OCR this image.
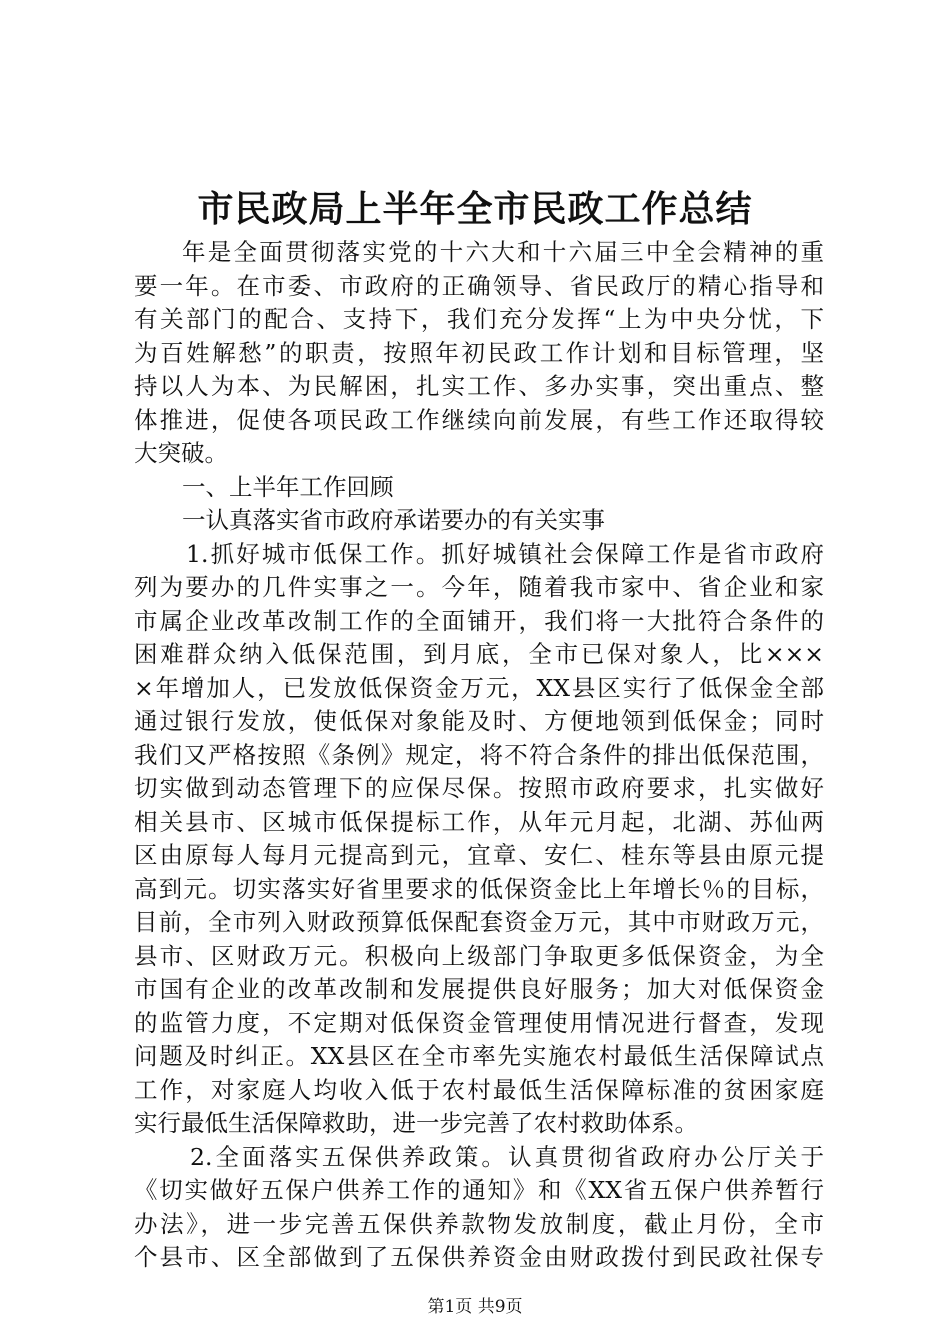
市民政局上半年全市民政工作总结
年是全面贯彻落实党的十六大和十六届三中全会精神的重
要一年。在市委、市政府的正确领导、省民政厅的精心指导和
有关部门的配合、支持下，我们充分发挥“上为中央分忧，下
为百姓解愁”的职责，按照年初民政工作计划和目标管理，坚
持以人为本、为民解困，扎实工作、多办实事，突出重点、整
体推进，促使各项民政工作继续向前发展，有些工作还取得较
大突破。
一、上半年工作回顾
一认真落实省市政府承诺要办的有关实事
1.抓好城市低保工作。抓好城镇社会保障工作是省市政府
列为要办的几件实事之一。今年，随着我市家中、省企业和家
市属企业改革改制工作的全面铺开，我们将一大批符合条件的
困难群众纳入低保范围，到月底，全市已保对象人，比×××
×年增加人，已发放低保资金万元，XX县区实行了低保金全部
通过银行发放，使低保对象能及时、方便地领到低保金；同时
我们又严格按照《条例》规定，将不符合条件的排出低保范围，
切实做到动态管理下的应保尽保。按照市政府要求，扎实做好
相关县市、区城市低保提标工作，从年元月起，北湖、苏仙两
区由原每人每月元提高到元，宜章、安仁、桂东等县由原元提
高到元。切实落实好省里要求的低保资金比上年增长％的目标，
目前，全市列入财政预算低保配套资金万元，其中市财政万元，
县市、区财政万元。积极向上级部门争取更多低保资金，为全
市国有企业的改革改制和发展提供良好服务；加大对低保资金
的监管力度，不定期对低保资金管理使用情况进行督查，发现
问题及时纠正。XX县区在全市率先实施农村最低生活保障试点
工作，对家庭人均收入低于农村最低生活保障标准的贫困家庭
实行最低生活保障救助，进一步完善了农村救助体系。
2.全面落实五保供养政策。认真贯彻省政府办公厅关于
《切实做好五保户供养工作的通知》和《XX省五保户供养暂行
办法》，进一步完善五保供养款物发放制度，截止月份，全市
个县市、区全部做到了五保供养资金由财政拨付到民政社保专
第1页 共9页
